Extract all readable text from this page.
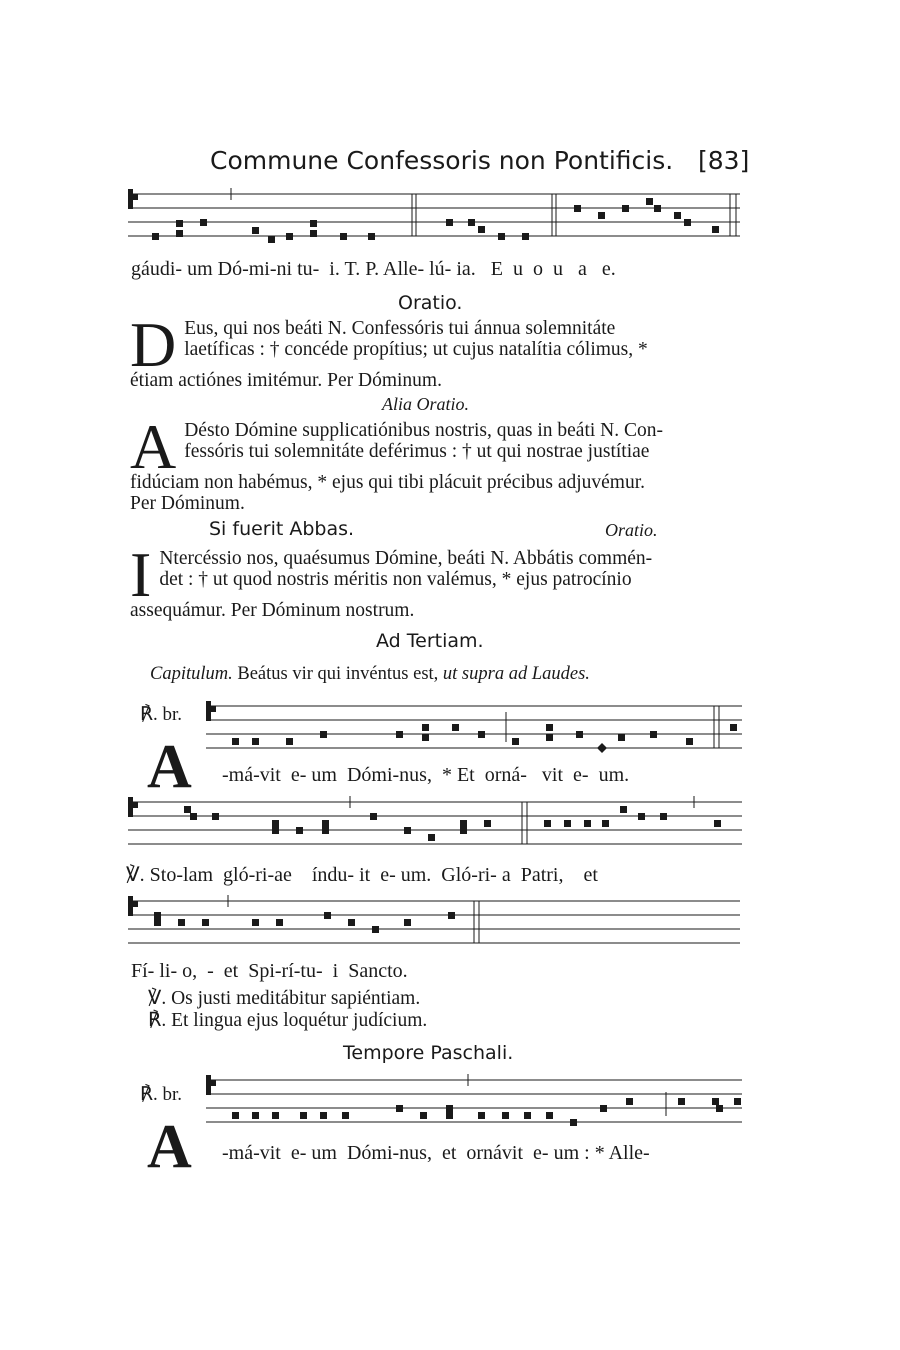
Commune Confessoris non Pontificis. [83]
gáudi- um Dó-mi-ni tu-  i. T. P. Alle- lú- ia.   E  u  o  u   a   e.
Oratio.
D Eus, qui nos beáti N. Confessóris tui ánnua solemnitáte
laetíficas : † concéde propítius; ut cujus natalítia cólimus, *
étiam actiónes imitémur. Per Dóminum.
Alia Oratio.
A Désto Dómine supplicatiónibus nostris, quas in beáti N. Con-
fessóris tui solemnitáte deférimus : † ut qui nostrae justítiae
fidúciam non habémus, * ejus qui tibi plácuit précibus adjuvémur.
Per Dóminum.
Si fuerit Abbas.	Oratio.
I Ntercéssio nos, quaésumus Dómine, beáti N. Abbátis commén-
det : † ut quod nostris méritis non valémus, * ejus patrocínio
assequámur. Per Dóminum nostrum.
Ad Tertiam.
Capitulum. Beátus vir qui invéntus est, ut supra ad Laudes.
℟. br.
A -má-vit  e- um  Dómi-nus,  * Et  orná-   vit  e-  um.
℣. Sto-lam  gló-ri-ae    índu- it  e- um.  Gló-ri- a  Patri,    et
Fí- li- o,  -  et  Spi-rí-tu-  i  Sancto.
℣. Os justi meditábitur sapiéntiam.
℟. Et lingua ejus loquétur judícium.
Tempore Paschali.
℟. br.
A -má-vit  e- um  Dómi-nus,  et  ornávit  e- um : * Alle-
